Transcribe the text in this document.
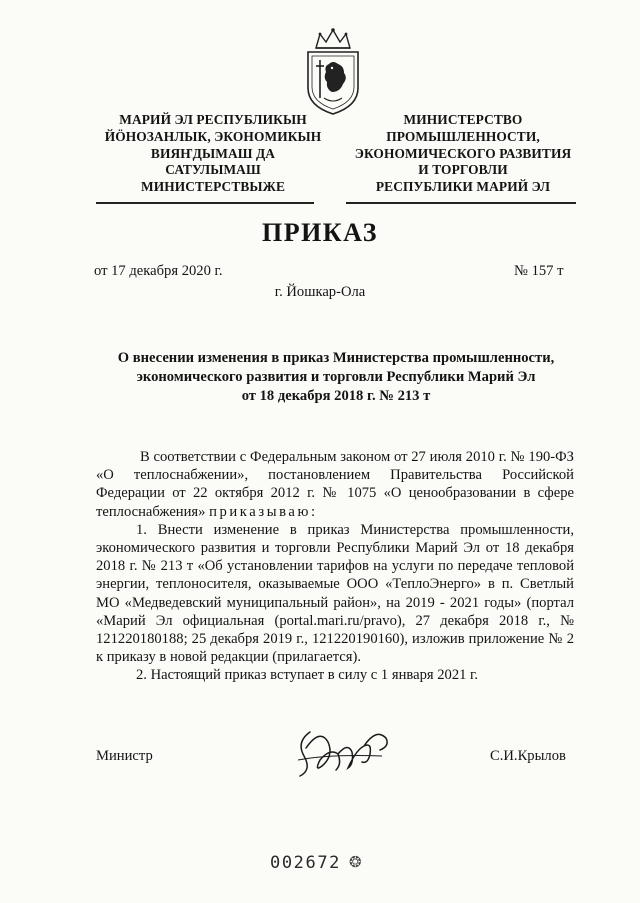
МАРИЙ ЭЛ РЕСПУБЛИКЫН
ЙӦНОЗАНЛЫК, ЭКОНОМИКЫН
ВИЯҤДЫМАШ ДА
САТУЛЫМАШ
МИНИСТЕРСТВЫЖЕ
МИНИСТЕРСТВО
ПРОМЫШЛЕННОСТИ,
ЭКОНОМИЧЕСКОГО РАЗВИТИЯ
И ТОРГОВЛИ
РЕСПУБЛИКИ МАРИЙ ЭЛ
ПРИКАЗ
от 17 декабря 2020 г.	№ 157 т
г. Йошкар-Ола
О внесении изменения в приказ Министерства промышленности,
экономического развития и торговли Республики Марий Эл
от 18 декабря 2018 г. № 213 т

В соответствии с Федеральным законом от 27 июля 2010 г. № 190-ФЗ «О теплоснабжении», постановлением Правительства Российской Федерации от 22 октября 2012 г. № 1075 «О ценообразовании в сфере теплоснабжения» приказываю:

1. Внести изменение в приказ Министерства промышленности, экономического развития и торговли Республики Марий Эл от 18 декабря 2018 г. № 213 т «Об установлении тарифов на услуги по передаче тепловой энергии, теплоносителя, оказываемые ООО «ТеплоЭнерго» в п. Светлый МО «Медведевский муниципальный район», на 2019 - 2021 годы» (портал «Марий Эл официальная (portal.mari.ru/pravo), 27 декабря 2018 г., № 121220180188; 25 декабря 2019 г., 121220190160), изложив приложение № 2 к приказу в новой редакции (прилагается).

2. Настоящий приказ вступает в силу с 1 января 2021 г.

Министр	С.И.Крылов
002672 ❂
